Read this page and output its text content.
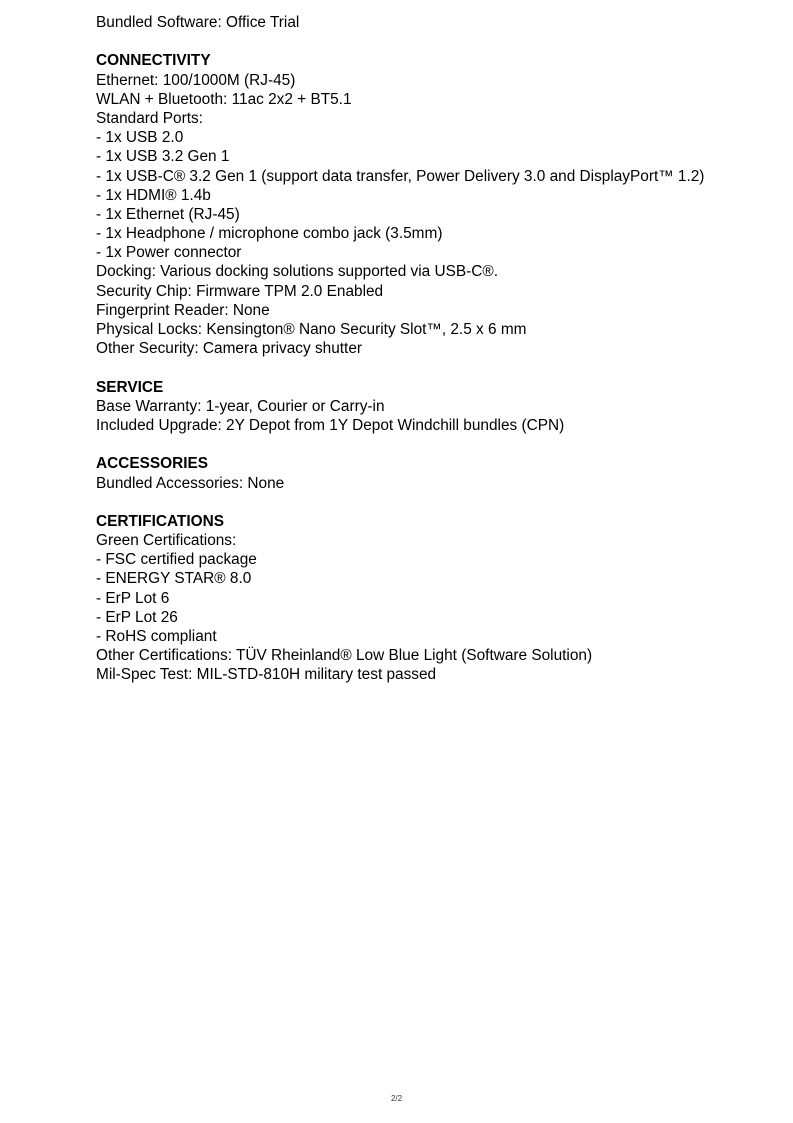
Bundled Software: Office Trial
CONNECTIVITY
Ethernet: 100/1000M (RJ-45)
WLAN + Bluetooth: 11ac 2x2 + BT5.1
Standard Ports:
- 1x USB 2.0
- 1x USB 3.2 Gen 1
- 1x USB-C® 3.2 Gen 1 (support data transfer, Power Delivery 3.0 and DisplayPort™ 1.2)
- 1x HDMI® 1.4b
- 1x Ethernet (RJ-45)
- 1x Headphone / microphone combo jack (3.5mm)
- 1x Power connector
Docking: Various docking solutions supported via USB-C®.
Security Chip: Firmware TPM 2.0 Enabled
Fingerprint Reader: None
Physical Locks: Kensington® Nano Security Slot™, 2.5 x 6 mm
Other Security: Camera privacy shutter
SERVICE
Base Warranty: 1-year, Courier or Carry-in
Included Upgrade: 2Y Depot from 1Y Depot Windchill bundles (CPN)
ACCESSORIES
Bundled Accessories: None
CERTIFICATIONS
Green Certifications:
- FSC certified package
- ENERGY STAR® 8.0
- ErP Lot 6
- ErP Lot 26
- RoHS compliant
Other Certifications: TÜV Rheinland® Low Blue Light (Software Solution)
Mil-Spec Test: MIL-STD-810H military test passed
2/2
